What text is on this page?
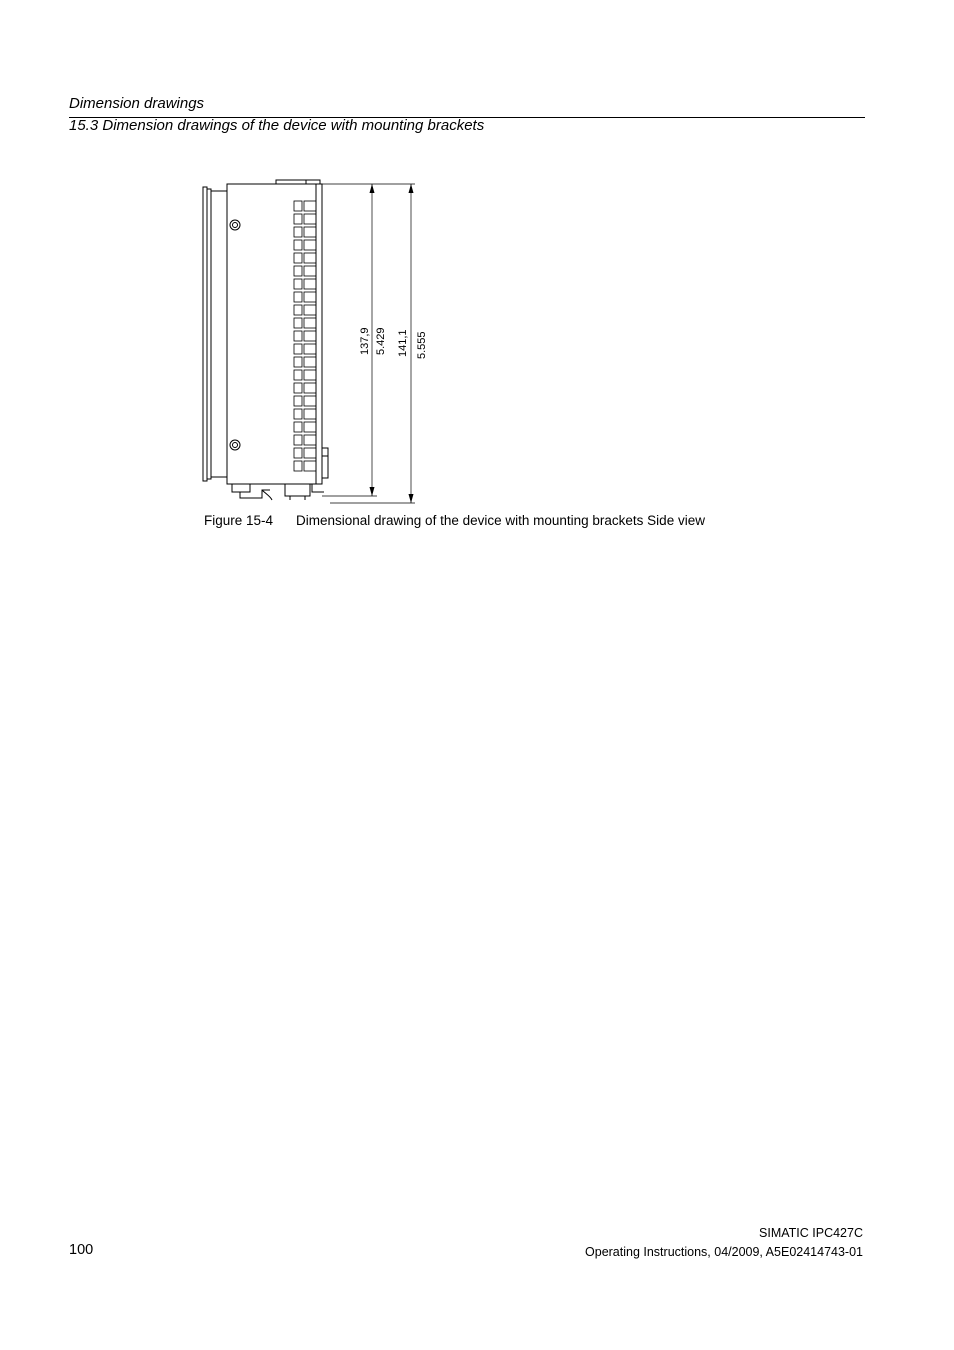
Dimension drawings
15.3 Dimension drawings of the device with mounting brackets
137,9 5.429 141,1 5.555
Figure 15-4 Dimensional drawing of the device with mounting brackets Side view
SIMATIC IPC427C
100	Operating Instructions, 04/2009, A5E02414743-01
